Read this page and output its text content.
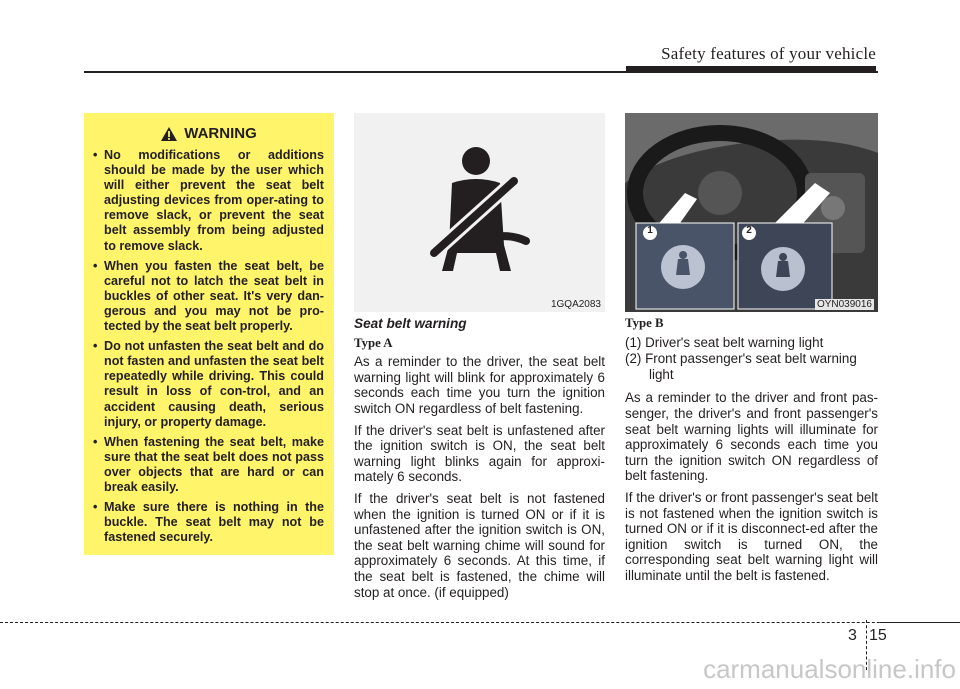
Safety features of your vehicle
WARNING
• No modifications or additions should be made by the user which will either prevent the seat belt adjusting devices from oper-ating to remove slack, or prevent the seat belt assembly from being adjusted to remove slack.
• When you fasten the seat belt, be careful not to latch the seat belt in buckles of other seat. It's very dan-gerous and you may not be pro-tected by the seat belt properly.
• Do not unfasten the seat belt and do not fasten and unfasten the seat belt repeatedly while driving. This could result in loss of con-trol, and an accident causing death, serious injury, or property damage.
• When fastening the seat belt, make sure that the seat belt does not pass over objects that are hard or can break easily.
• Make sure there is nothing in the buckle. The seat belt may not be fastened securely.
1GQA2083
1	2
OYN039016
Seat belt warning
Type A

As a reminder to the driver, the seat belt warning light will blink for approximately 6 seconds each time you turn the ignition switch ON regardless of belt fastening.

If the driver's seat belt is unfastened after the ignition switch is ON, the seat belt warning light blinks again for approxi-mately 6 seconds.

If the driver's seat belt is not fastened when the ignition is turned ON or if it is unfastened after the ignition switch is ON, the seat belt warning chime will sound for approximately 6 seconds. At this time, if the seat belt is fastened, the chime will stop at once. (if equipped)

Type B
(1) Driver's seat belt warning light
(2) Front passenger's seat belt warning light

As a reminder to the driver and front pas-senger, the driver's and front passenger's seat belt warning lights will illuminate for approximately 6 seconds each time you turn the ignition switch ON regardless of belt fastening.

If the driver's or front passenger's seat belt is not fastened when the ignition switch is turned ON or if it is disconnect-ed after the ignition switch is turned ON, the corresponding seat belt warning light will illuminate until the belt is fastened.

3 15
carmanualsonline.info
